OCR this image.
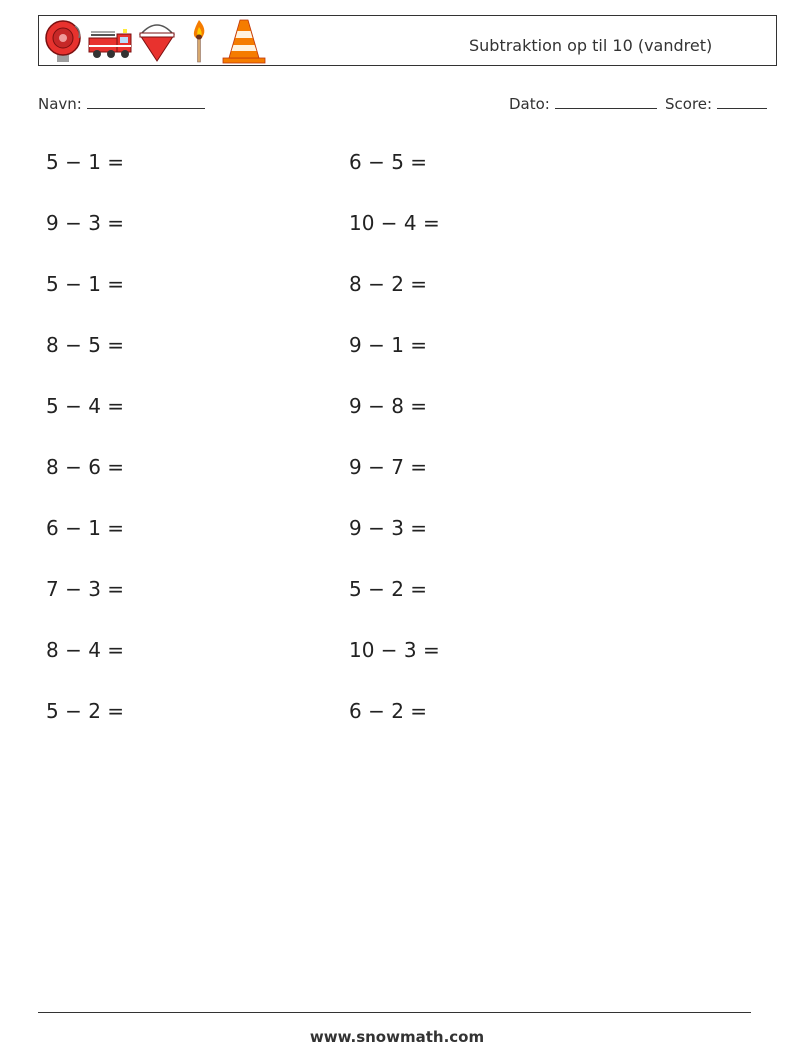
Subtraktion op til 10 (vandret)
Navn:	Dato:	Score:
5 − 1 =
9 − 3 =
5 − 1 =
8 − 5 =
5 − 4 =
8 − 6 =
6 − 1 =
7 − 3 =
8 − 4 =
5 − 2 =
6 − 5 =
10 − 4 =
8 − 2 =
9 − 1 =
9 − 8 =
9 − 7 =
9 − 3 =
5 − 2 =
10 − 3 =
6 − 2 =
www.snowmath.com
